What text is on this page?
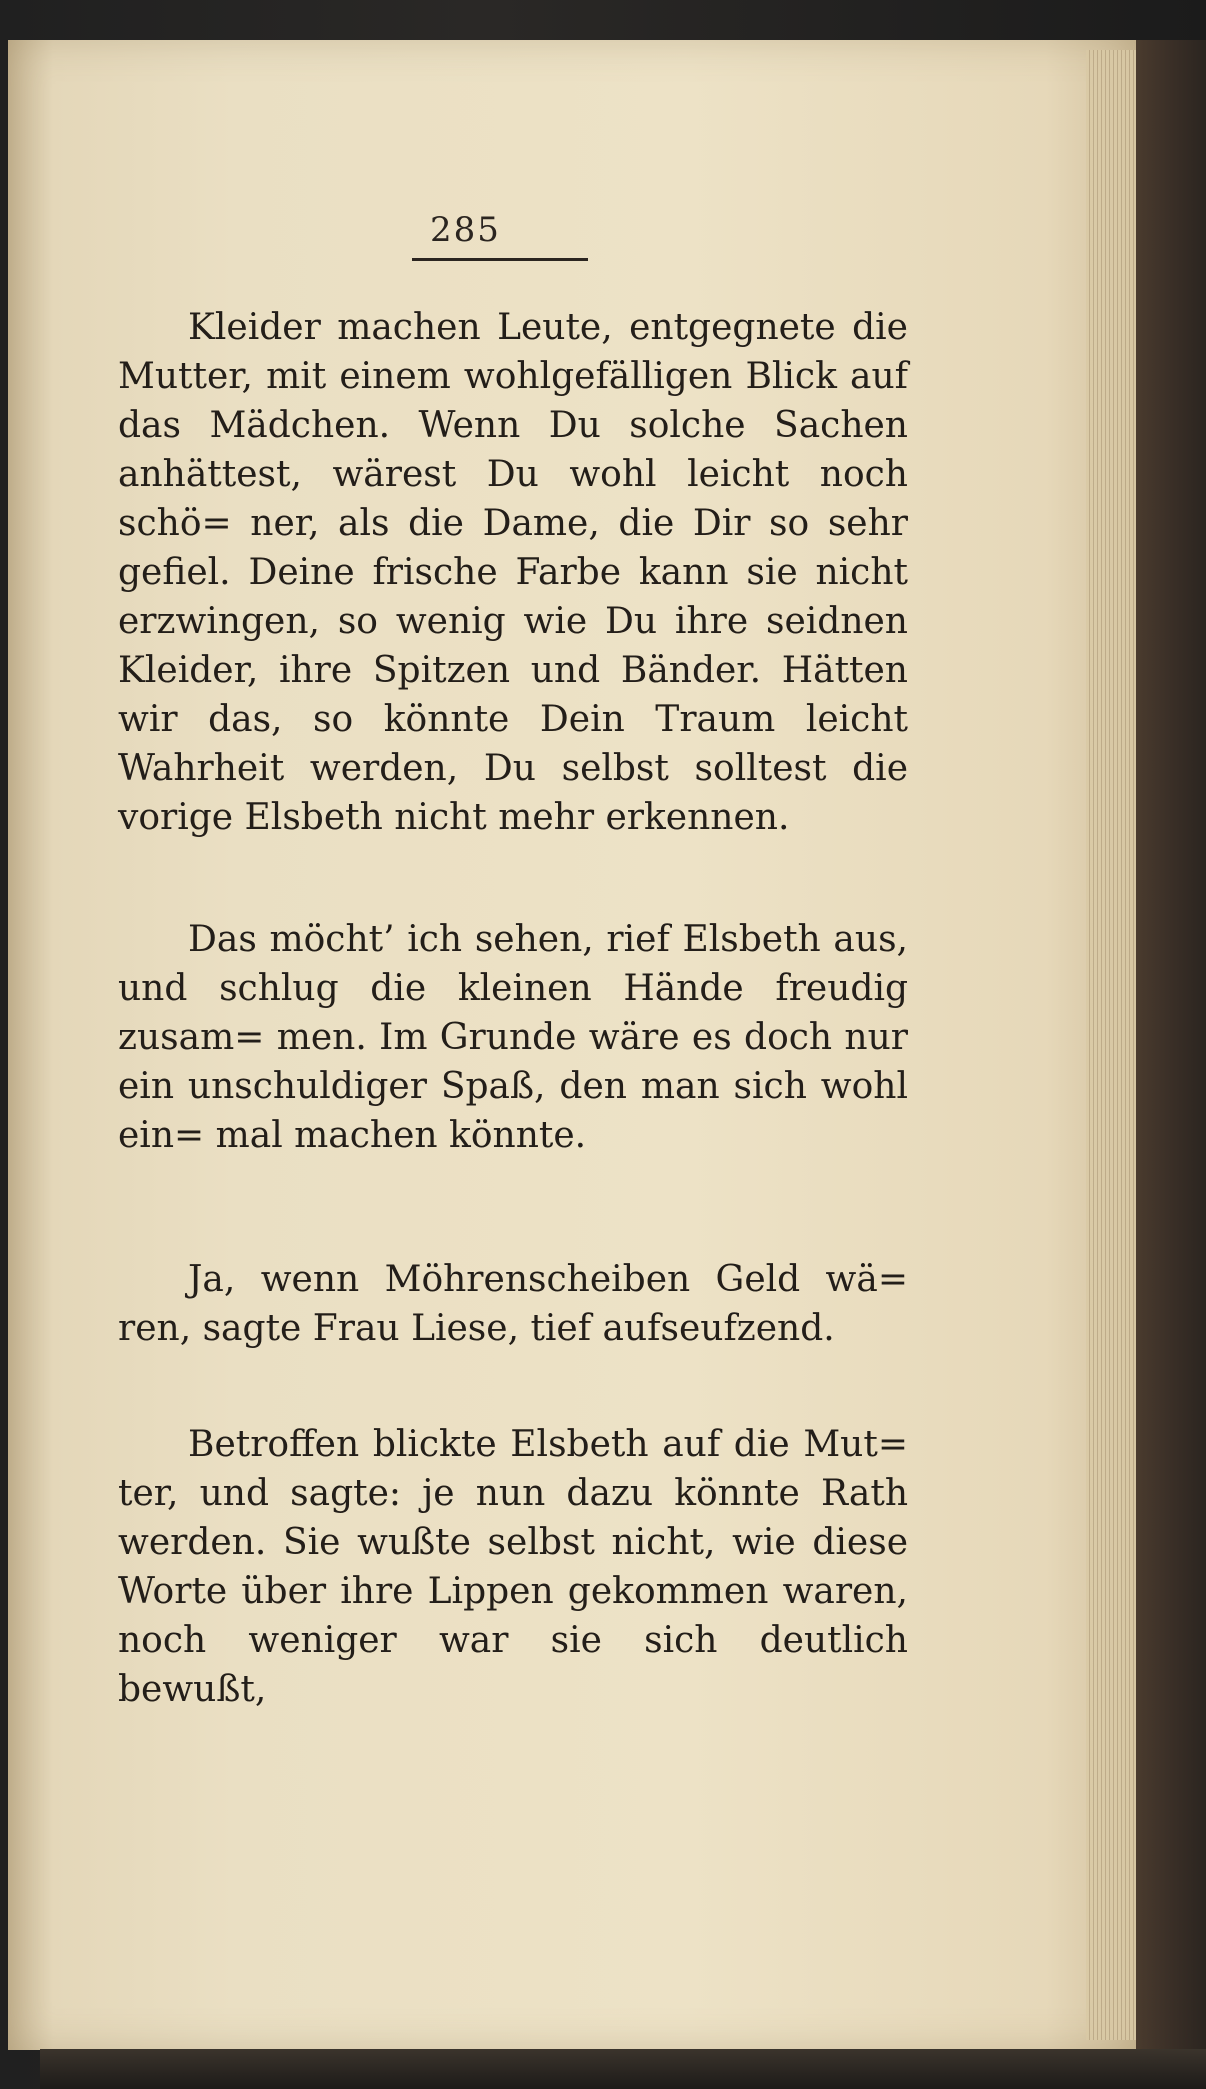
285

Kleider machen Leute, entgegnete die Mutter, mit einem wohlgefälligen Blick auf das Mädchen. Wenn Du solche Sachen anhättest, wärest Du wohl leicht noch schö= ner, als die Dame, die Dir so sehr gefiel. Deine frische Farbe kann sie nicht erzwingen, so wenig wie Du ihre seidnen Kleider, ihre Spitzen und Bänder. Hätten wir das, so könnte Dein Traum leicht Wahrheit werden, Du selbst solltest die vorige Elsbeth nicht mehr erkennen.

Das möcht’ ich sehen, rief Elsbeth aus, und schlug die kleinen Hände freudig zusam= men. Im Grunde wäre es doch nur ein unschuldiger Spaß, den man sich wohl ein= mal machen könnte.

Ja, wenn Möhrenscheiben Geld wä= ren, sagte Frau Liese, tief aufseufzend.

Betroffen blickte Elsbeth auf die Mut= ter, und sagte: je nun dazu könnte Rath werden. Sie wußte selbst nicht, wie diese Worte über ihre Lippen gekommen waren, noch weniger war sie sich deutlich bewußt,
